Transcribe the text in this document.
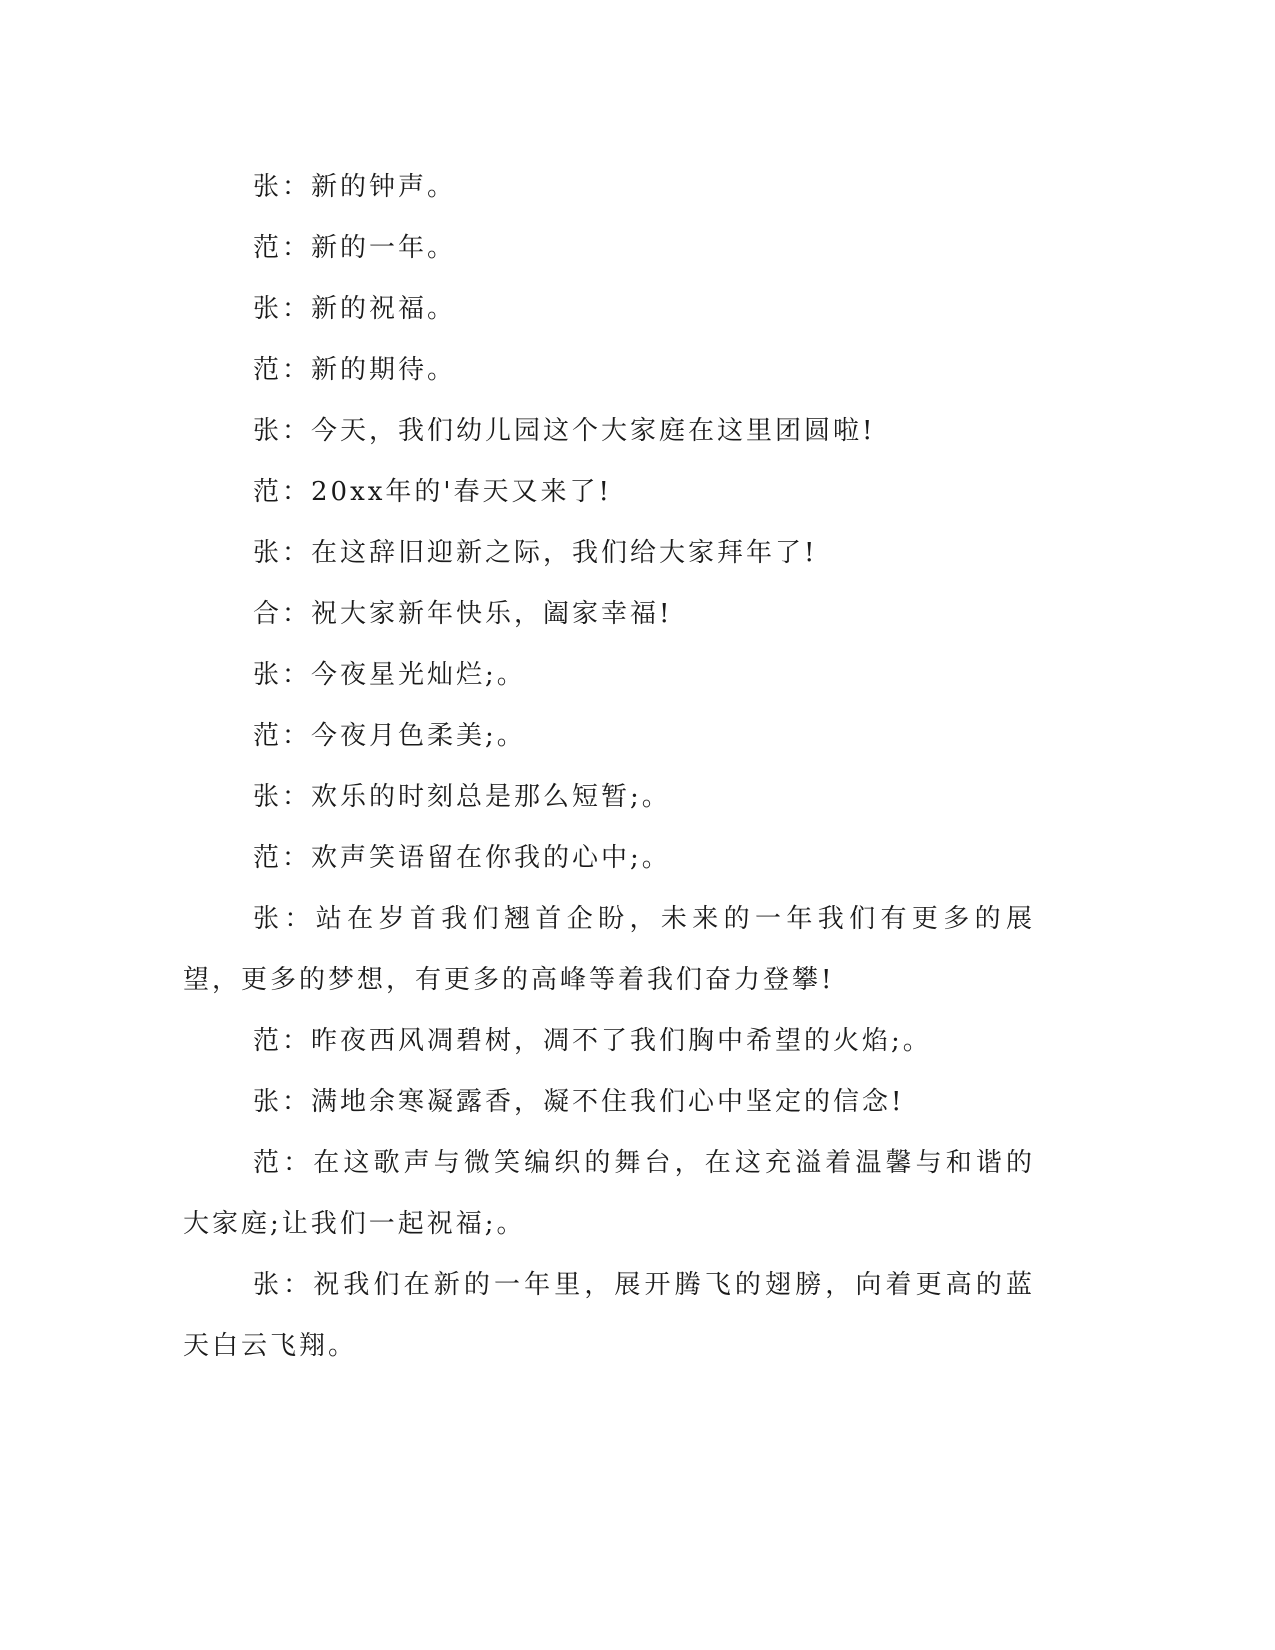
张：新的钟声。

范：新的一年。

张：新的祝福。

范：新的期待。

张：今天，我们幼儿园这个大家庭在这里团圆啦!

范：20xx年的'春天又来了!

张：在这辞旧迎新之际，我们给大家拜年了!

合：祝大家新年快乐，阖家幸福!

张：今夜星光灿烂;。

范：今夜月色柔美;。

张：欢乐的时刻总是那么短暂;。

范：欢声笑语留在你我的心中;。

张：站在岁首我们翘首企盼，未来的一年我们有更多的展望，更多的梦想，有更多的高峰等着我们奋力登攀!

范：昨夜西风凋碧树，凋不了我们胸中希望的火焰;。

张：满地余寒凝露香，凝不住我们心中坚定的信念!

范：在这歌声与微笑编织的舞台，在这充溢着温馨与和谐的大家庭;让我们一起祝福;。

张：祝我们在新的一年里，展开腾飞的翅膀，向着更高的蓝天白云飞翔。
